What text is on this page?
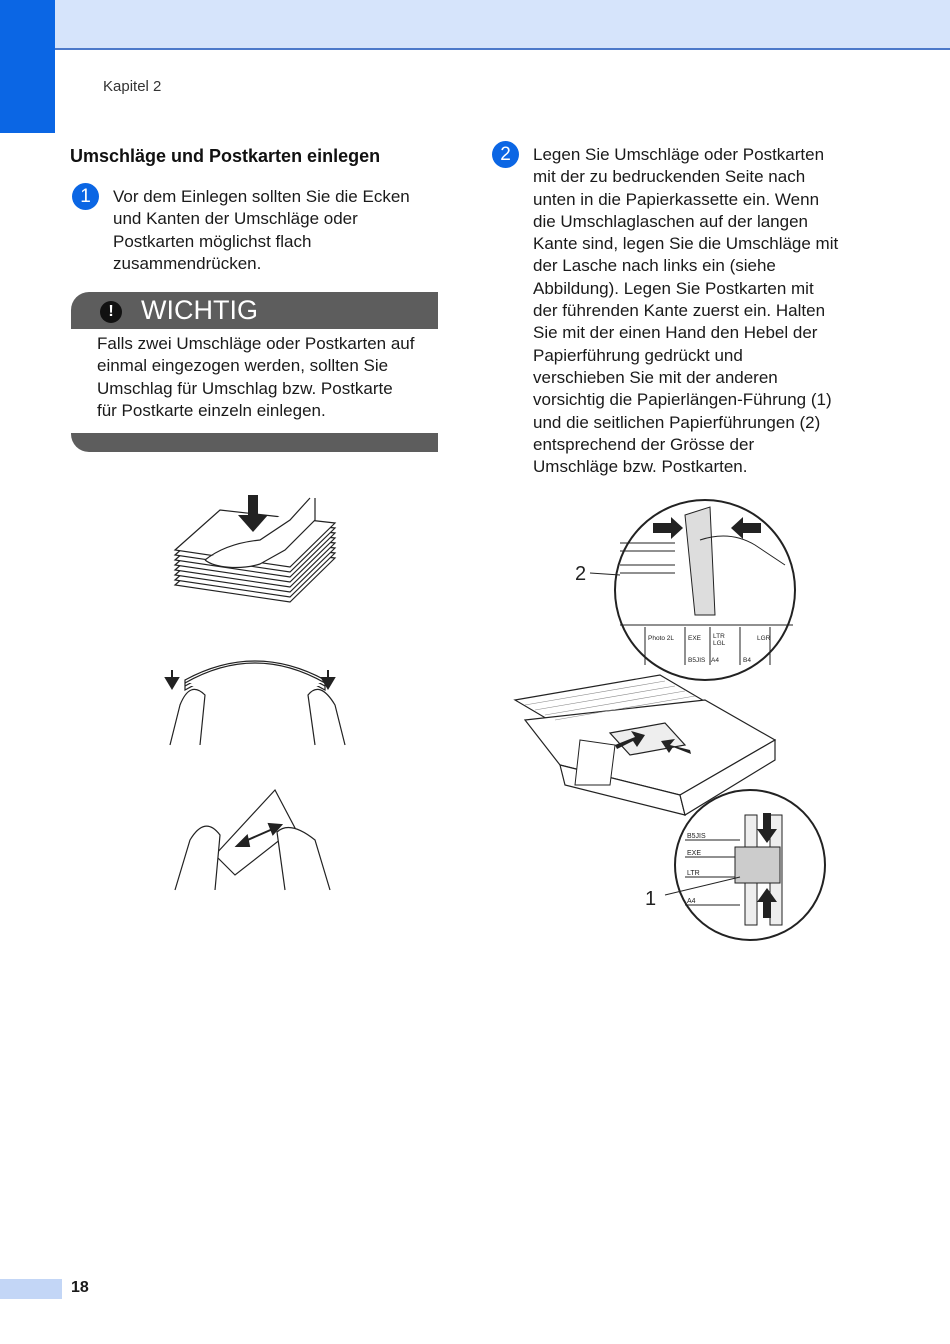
Kapitel 2
Umschläge und Postkarten einlegen
1	Vor dem Einlegen sollten Sie die Ecken
und Kanten der Umschläge oder
Postkarten möglichst flach
zusammendrücken.
!	WICHTIG
Falls zwei Umschläge oder Postkarten auf
einmal eingezogen werden, sollten Sie
Umschlag für Umschlag bzw. Postkarte
für Postkarte einzeln einlegen.
2	Legen Sie Umschläge oder Postkarten
mit der zu bedruckenden Seite nach
unten in die Papierkassette ein. Wenn
die Umschlaglaschen auf der langen
Kante sind, legen Sie die Umschläge mit
der Lasche nach links ein (siehe
Abbildung). Legen Sie Postkarten mit
der führenden Kante zuerst ein. Halten
Sie mit der einen Hand den Hebel der
Papierführung gedrückt und
verschieben Sie mit der anderen
vorsichtig die Papierlängen-Führung (1)
und die seitlichen Papierführungen (2)
entsprechend der Grösse der
Umschläge bzw. Postkarten.
Photo 2L EXE LTR
LGL
LGR
B5JIS A4	B4
2
B5JIS
EXE
LTR
A4
1
18
